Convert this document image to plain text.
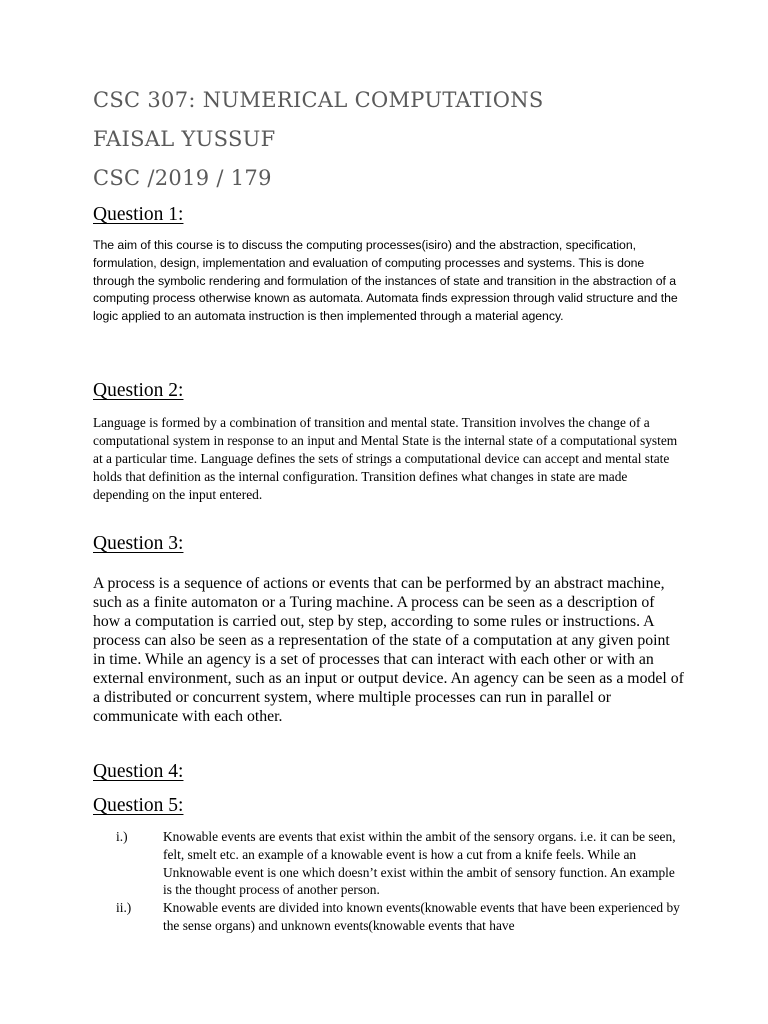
CSC 307: NUMERICAL COMPUTATIONS
FAISAL YUSSUF
CSC /2019 / 179
Question 1:

The aim of this course is to discuss the computing processes(isiro) and the abstraction, specification, formulation, design, implementation and evaluation of computing processes and systems. This is done through the symbolic rendering and formulation of the instances of state and transition in the abstraction of a computing process otherwise known as automata. Automata finds expression through valid structure and the logic applied to an automata instruction is then implemented through a material agency.

Question 2:

Language is formed by a combination of transition and mental state. Transition involves the change of a computational system in response to an input and Mental State is the internal state of a computational system at a particular time. Language defines the sets of strings a computational device can accept and mental state holds that definition as the internal configuration. Transition defines what changes in state are made depending on the input entered.

Question 3:

A process is a sequence of actions or events that can be performed by an abstract machine, such as a finite automaton or a Turing machine. A process can be seen as a description of how a computation is carried out, step by step, according to some rules or instructions. A process can also be seen as a representation of the state of a computation at any given point in time. While an agency is a set of processes that can interact with each other or with an external environment, such as an input or output device. An agency can be seen as a model of a distributed or concurrent system, where multiple processes can run in parallel or communicate with each other.

Question 4:
Question 5:
i.)	Knowable events are events that exist within the ambit of the sensory organs. i.e. it can be seen, felt, smelt etc. an example of a knowable event is how a cut from a knife feels. While an Unknowable event is one which doesn’t exist within the ambit of sensory function. An example is the thought process of another person.
ii.) Knowable events are divided into known events(knowable events that have been experienced by the sense organs) and unknown events(knowable events that have
